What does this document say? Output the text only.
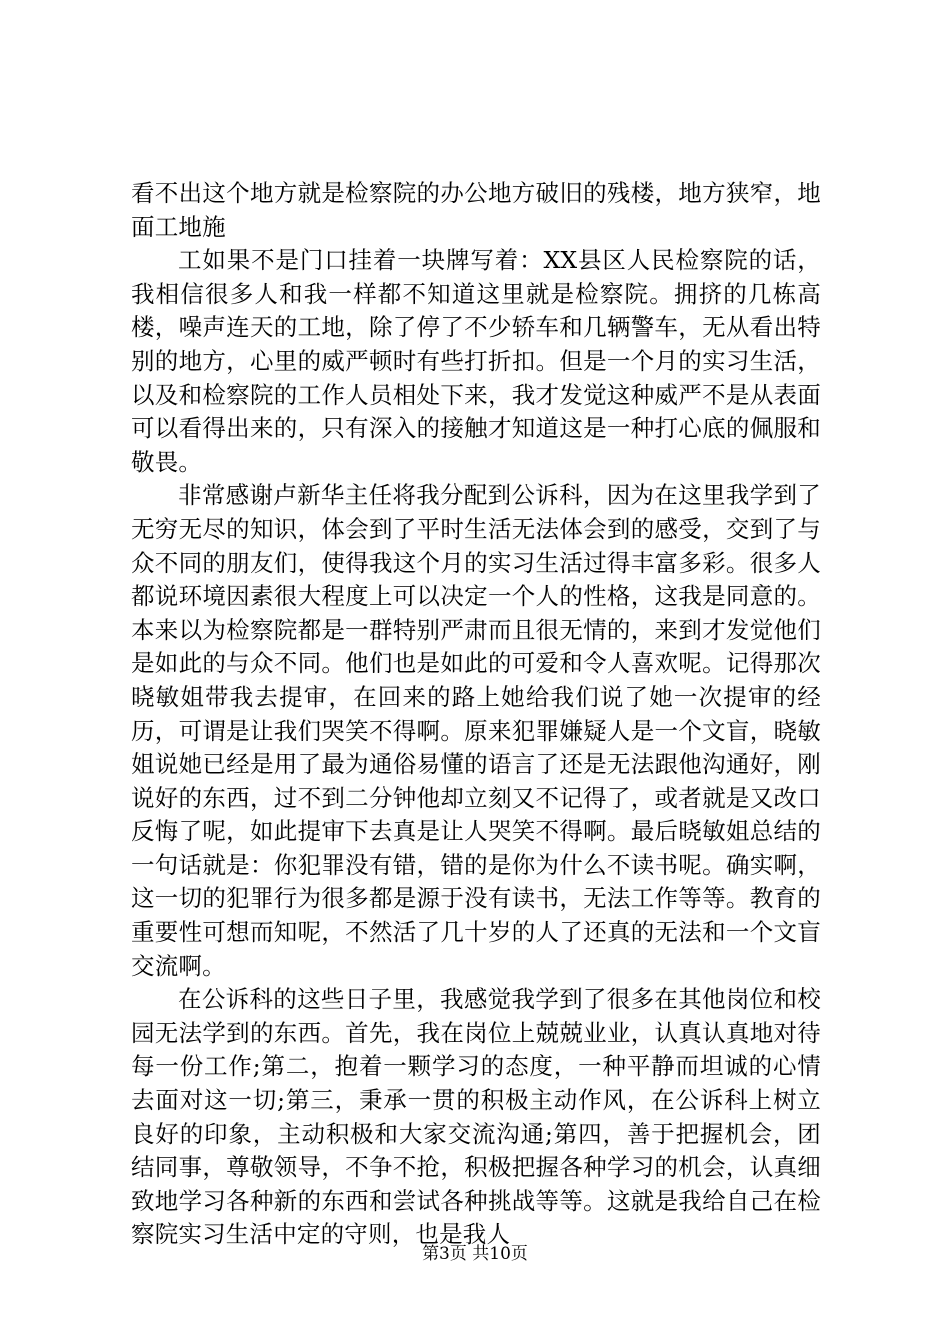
看不出这个地方就是检察院的办公地方破旧的残楼，地方狭窄，地面工地施

工如果不是门口挂着一块牌写着：XX县区人民检察院的话，我相信很多人和我一样都不知道这里就是检察院。拥挤的几栋高楼，噪声连天的工地，除了停了不少轿车和几辆警车，无从看出特别的地方，心里的威严顿时有些打折扣。但是一个月的实习生活，以及和检察院的工作人员相处下来，我才发觉这种威严不是从表面可以看得出来的，只有深入的接触才知道这是一种打心底的佩服和敬畏。

非常感谢卢新华主任将我分配到公诉科，因为在这里我学到了无穷无尽的知识，体会到了平时生活无法体会到的感受，交到了与众不同的朋友们，使得我这个月的实习生活过得丰富多彩。很多人都说环境因素很大程度上可以决定一个人的性格，这我是同意的。本来以为检察院都是一群特别严肃而且很无情的，来到才发觉他们是如此的与众不同。他们也是如此的可爱和令人喜欢呢。记得那次晓敏姐带我去提审，在回来的路上她给我们说了她一次提审的经历，可谓是让我们哭笑不得啊。原来犯罪嫌疑人是一个文盲，晓敏姐说她已经是用了最为通俗易懂的语言了还是无法跟他沟通好，刚说好的东西，过不到二分钟他却立刻又不记得了，或者就是又改口反悔了呢，如此提审下去真是让人哭笑不得啊。最后晓敏姐总结的一句话就是：你犯罪没有错，错的是你为什么不读书呢。确实啊，这一切的犯罪行为很多都是源于没有读书，无法工作等等。教育的重要性可想而知呢，不然活了几十岁的人了还真的无法和一个文盲交流啊。

在公诉科的这些日子里，我感觉我学到了很多在其他岗位和校园无法学到的东西。首先，我在岗位上兢兢业业，认真认真地对待每一份工作;第二，抱着一颗学习的态度，一种平静而坦诚的心情去面对这一切;第三，秉承一贯的积极主动作风，在公诉科上树立良好的印象，主动积极和大家交流沟通;第四，善于把握机会，团结同事，尊敬领导，不争不抢，积极把握各种学习的机会，认真细致地学习各种新的东西和尝试各种挑战等等。这就是我给自己在检察院实习生活中定的守则，也是我人

第3页 共10页
